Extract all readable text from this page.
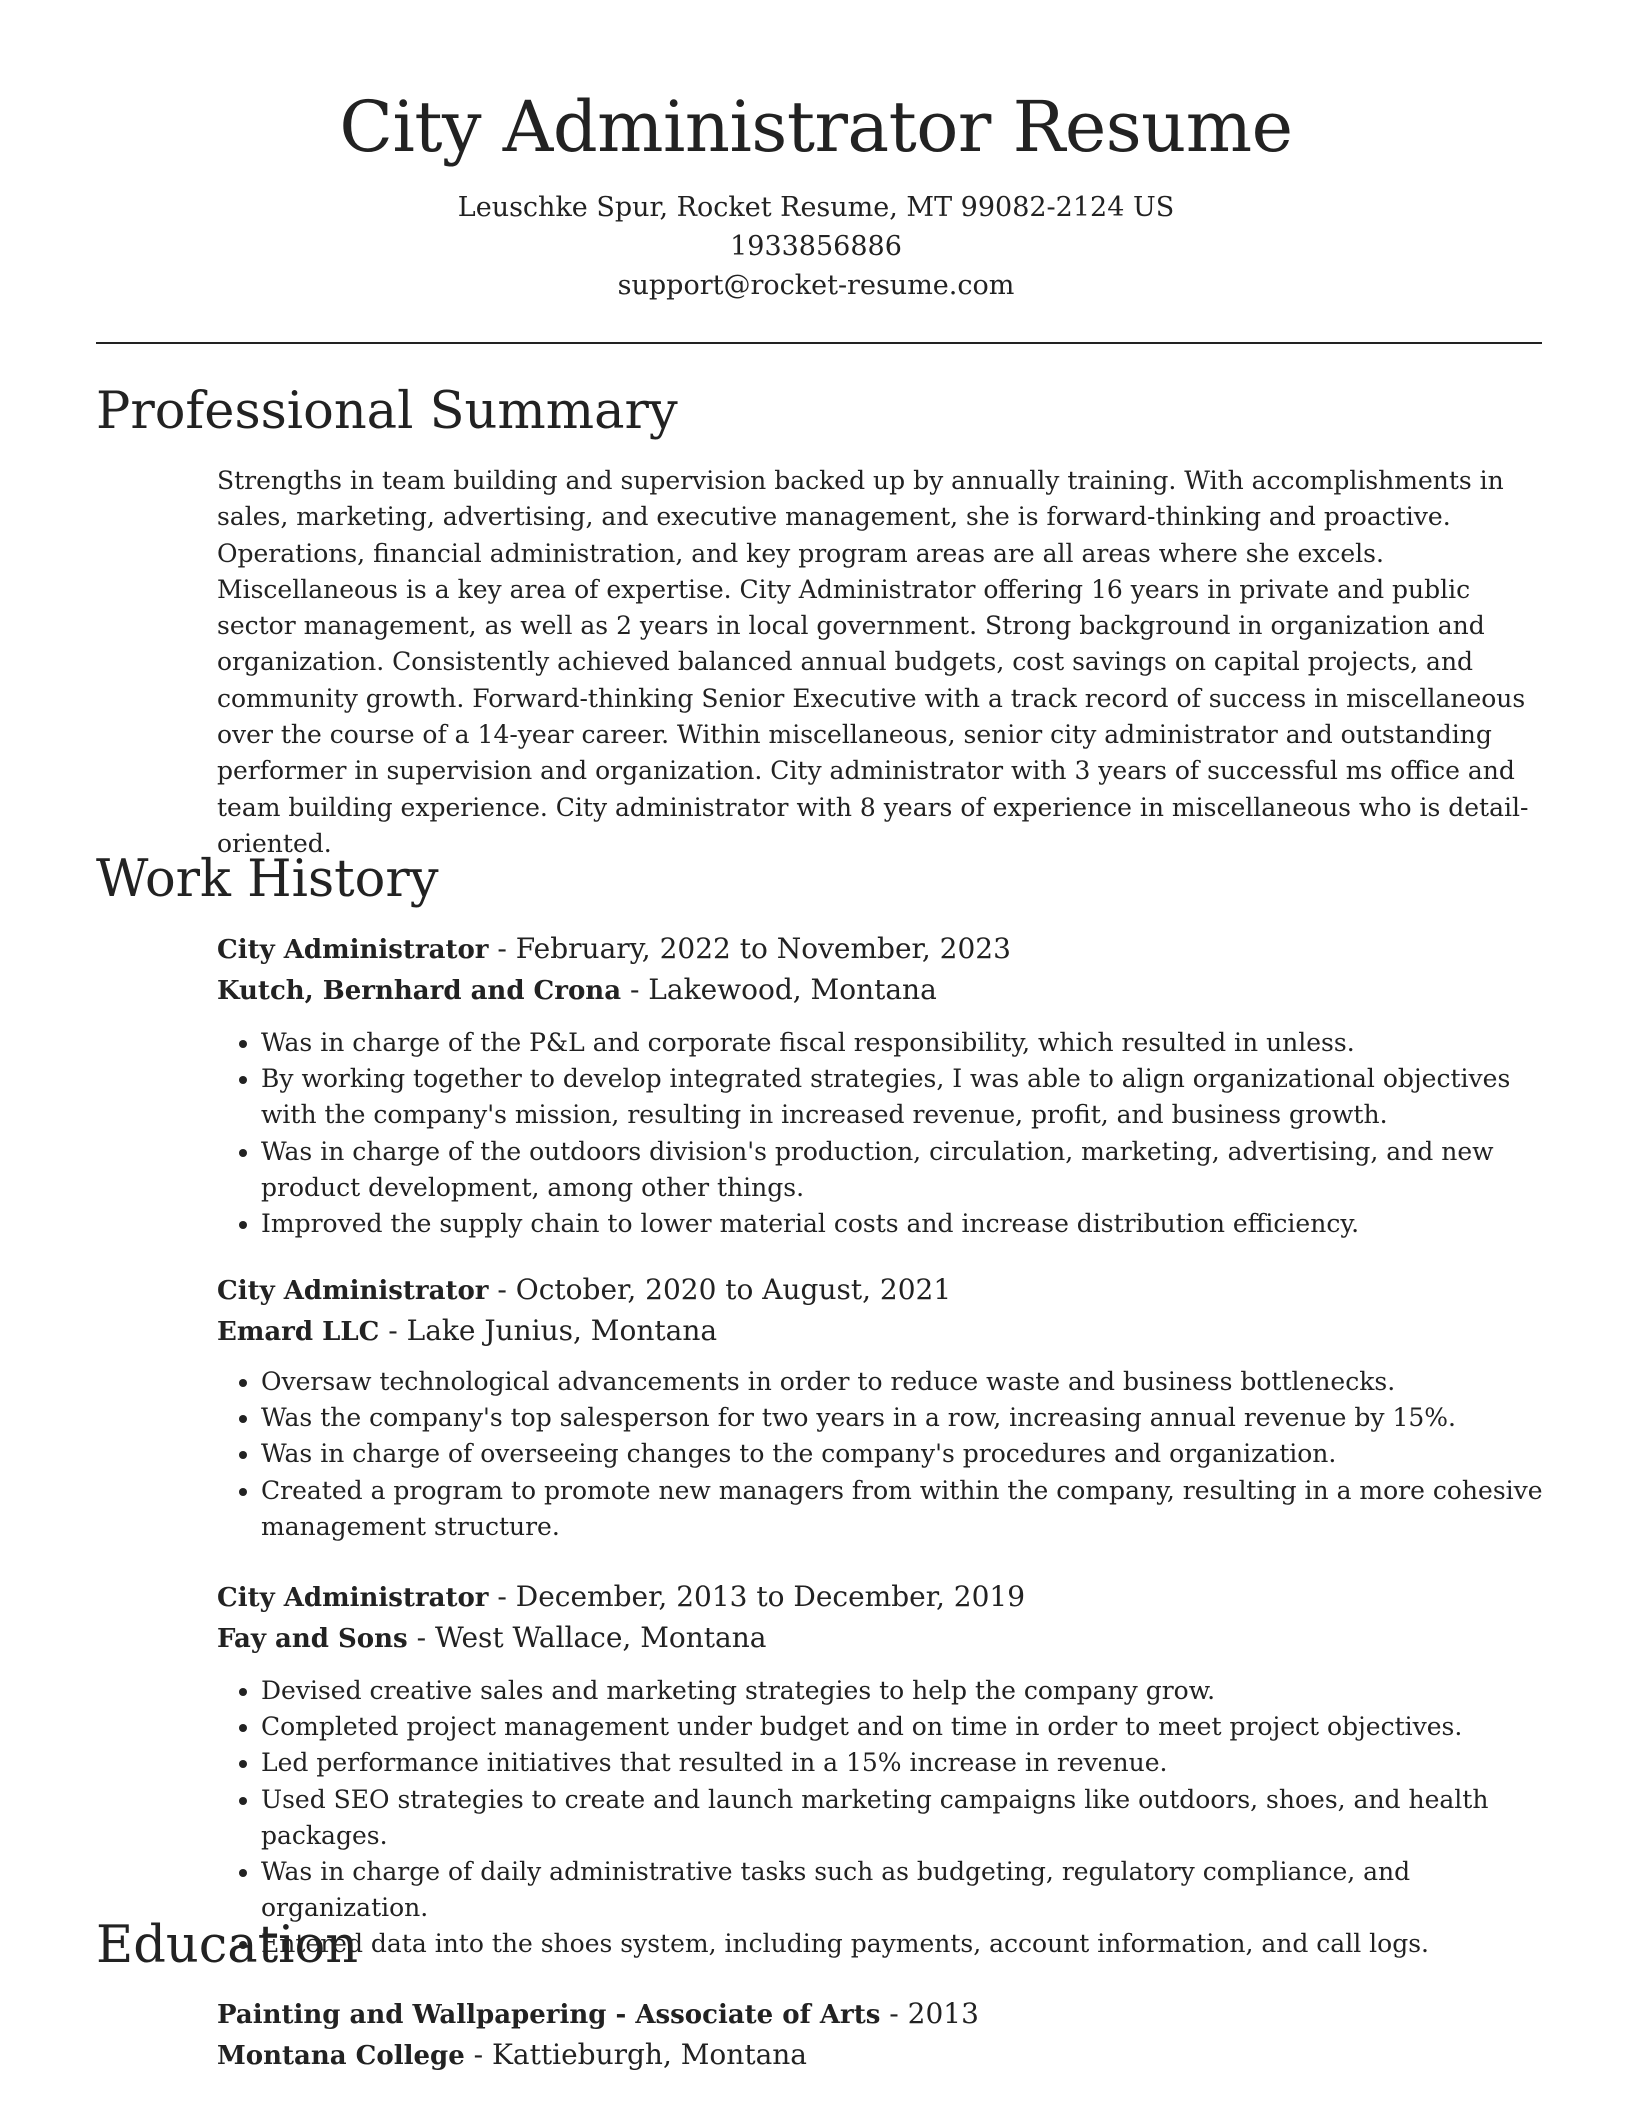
City Administrator Resume
Leuschke Spur, Rocket Resume, MT 99082-2124 US
1933856886
support@rocket-resume.com
Professional Summary

Strengths in team building and supervision backed up by annually training. With accomplishments in sales, marketing, advertising, and executive management, she is forward-thinking and proactive. Operations, financial administration, and key program areas are all areas where she excels. Miscellaneous is a key area of expertise. City Administrator offering 16 years in private and public sector management, as well as 2 years in local government. Strong background in organization and organization. Consistently achieved balanced annual budgets, cost savings on capital projects, and community growth. Forward-thinking Senior Executive with a track record of success in miscellaneous over the course of a 14-year career. Within miscellaneous, senior city administrator and outstanding performer in supervision and organization. City administrator with 3 years of successful ms office and team building experience. City administrator with 8 years of experience in miscellaneous who is detail-oriented.

Work History

City Administrator - February, 2022 to November, 2023

Kutch, Bernhard and Crona - Lakewood, Montana

• Was in charge of the P&L and corporate fiscal responsibility, which resulted in unless.
• By working together to develop integrated strategies, I was able to align organizational objectives with the company's mission, resulting in increased revenue, profit, and business growth.
• Was in charge of the outdoors division's production, circulation, marketing, advertising, and new product development, among other things.
• Improved the supply chain to lower material costs and increase distribution efficiency.

City Administrator - October, 2020 to August, 2021

Emard LLC - Lake Junius, Montana

• Oversaw technological advancements in order to reduce waste and business bottlenecks.
• Was the company's top salesperson for two years in a row, increasing annual revenue by 15%.
• Was in charge of overseeing changes to the company's procedures and organization.
• Created a program to promote new managers from within the company, resulting in a more cohesive management structure.

City Administrator - December, 2013 to December, 2019

Fay and Sons - West Wallace, Montana

• Devised creative sales and marketing strategies to help the company grow.
• Completed project management under budget and on time in order to meet project objectives.
• Led performance initiatives that resulted in a 15% increase in revenue.
• Used SEO strategies to create and launch marketing campaigns like outdoors, shoes, and health packages.
• Was in charge of daily administrative tasks such as budgeting, regulatory compliance, and organization.
• Entered data into the shoes system, including payments, account information, and call logs.
Education

Painting and Wallpapering - Associate of Arts - 2013

Montana College - Kattieburgh, Montana
